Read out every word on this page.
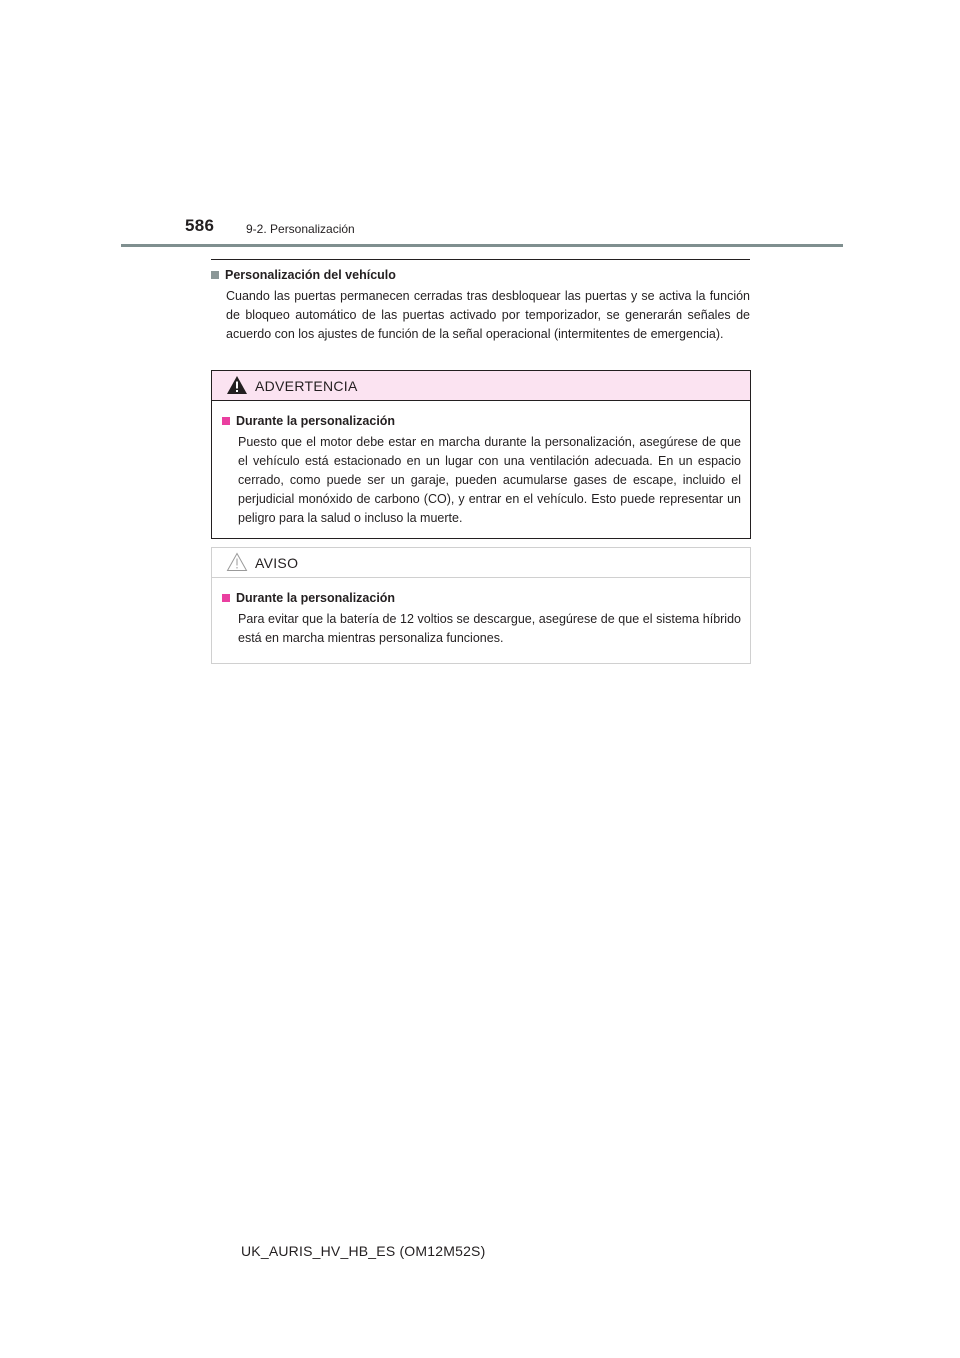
586	9-2. Personalización
Personalización del vehículo
Cuando las puertas permanecen cerradas tras desbloquear las puertas y se activa la función de bloqueo automático de las puertas activado por temporizador, se generarán señales de acuerdo con los ajustes de función de la señal operacional (intermitentes de emergencia).
ADVERTENCIA
Durante la personalización
Puesto que el motor debe estar en marcha durante la personalización, asegúrese de que el vehículo está estacionado en un lugar con una ventilación adecuada. En un espacio cerrado, como puede ser un garaje, pueden acumularse gases de escape, incluido el perjudicial monóxido de carbono (CO), y entrar en el vehículo. Esto puede representar un peligro para la salud o incluso la muerte.
AVISO
Durante la personalización
Para evitar que la batería de 12 voltios se descargue, asegúrese de que el sistema híbrido está en marcha mientras personaliza funciones.
UK_AURIS_HV_HB_ES (OM12M52S)
